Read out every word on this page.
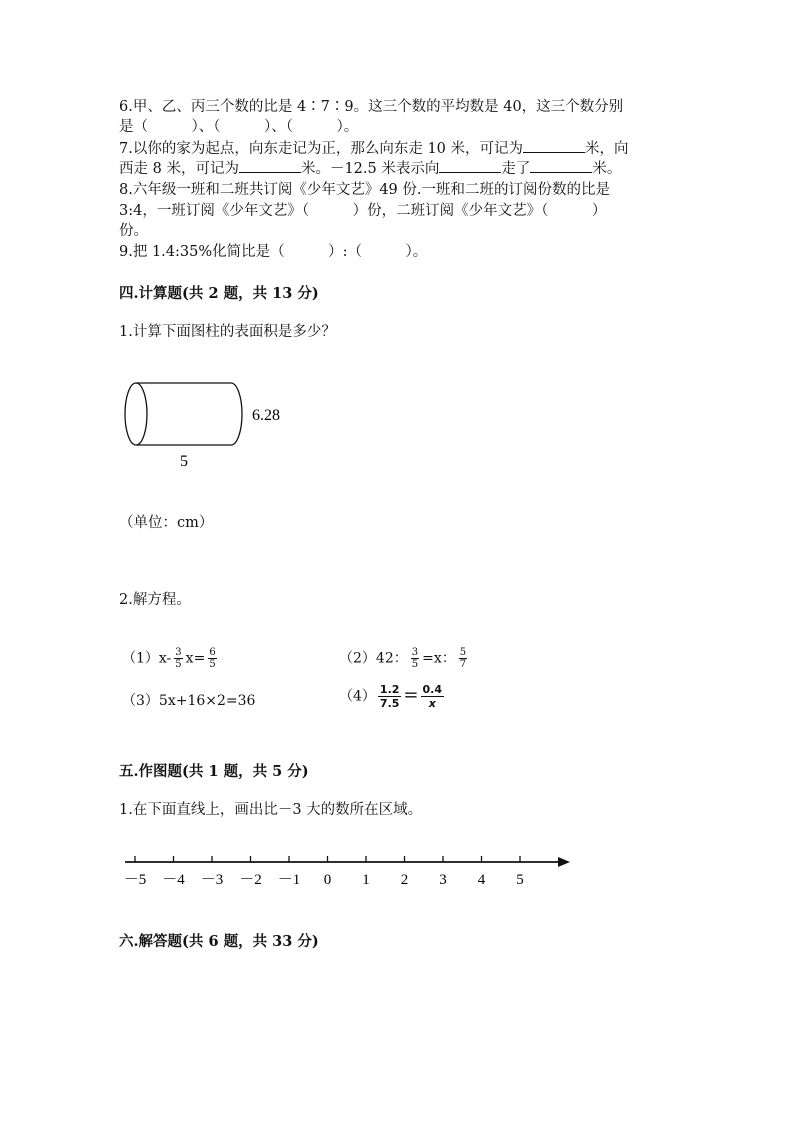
6.甲、乙、丙三个数的比是 4∶7∶9。这三个数的平均数是 40，这三个数分别
是（　　　）、（　　　）、（　　　）。
7.以你的家为起点，向东走记为正，那么向东走 10 米，可记为	米，向
西走 8 米，可记为	米。－12.5 米表示向	走了	米。
8.六年级一班和二班共订阅《少年文艺》49 份.一班和二班的订阅份数的比是
3:4，一班订阅《少年文艺》（　　　）份，二班订阅《少年文艺》（　　　）
份。
9.把 1.4:35%化简比是（　　　）:（　　　）。
四.计算题(共 2 题，共 13 分)
1.计算下面图柱的表面积是多少？
6.28
5
（单位：cm）
2.解方程。
$(1)x- \frac{3}{5} x= \frac{6}{5}$	（2）42： $\frac{3}{5} =x$： $\frac{5}{7}$
（3）5x+16×2=36	$(4) \frac{1.2}{7.5} = \frac{0.4}{x}$
五.作图题(共 1 题，共 5 分)
1.在下面直线上，画出比－3 大的数所在区域。
－5 －4 －3 －2 －1 0 1 2 3 4 5
六.解答题(共 6 题，共 33 分)
